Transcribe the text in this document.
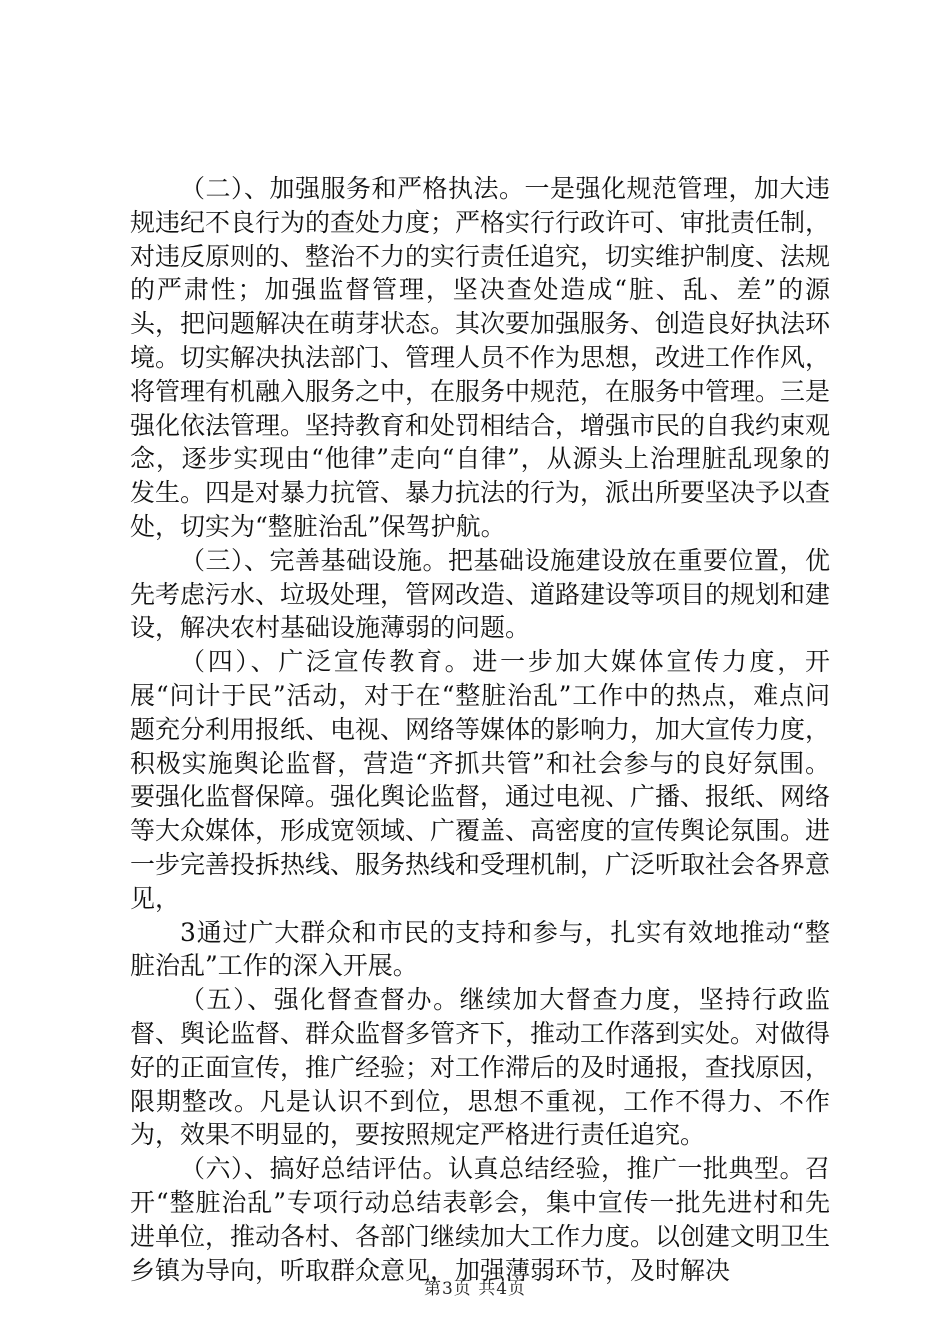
（二）、加强服务和严格执法。一是强化规范管理，加大违规违纪不良行为的查处力度；严格实行行政许可、审批责任制，对违反原则的、整治不力的实行责任追究，切实维护制度、法规的严肃性；加强监督管理，坚决查处造成“脏、乱、差”的源头，把问题解决在萌芽状态。其次要加强服务、创造良好执法环境。切实解决执法部门、管理人员不作为思想，改进工作作风，将管理有机融入服务之中，在服务中规范，在服务中管理。三是强化依法管理。坚持教育和处罚相结合，增强市民的自我约束观念，逐步实现由“他律”走向“自律”，从源头上治理脏乱现象的发生。四是对暴力抗管、暴力抗法的行为，派出所要坚决予以查处，切实为“整脏治乱”保驾护航。

（三）、完善基础设施。把基础设施建设放在重要位置，优先考虑污水、垃圾处理，管网改造、道路建设等项目的规划和建设，解决农村基础设施薄弱的问题。

（四）、广泛宣传教育。进一步加大媒体宣传力度，开展“问计于民”活动，对于在“整脏治乱”工作中的热点，难点问题充分利用报纸、电视、网络等媒体的影响力，加大宣传力度，积极实施舆论监督，营造“齐抓共管”和社会参与的良好氛围。要强化监督保障。强化舆论监督，通过电视、广播、报纸、网络等大众媒体，形成宽领域、广覆盖、高密度的宣传舆论氛围。进一步完善投拆热线、服务热线和受理机制，广泛听取社会各界意见，

3通过广大群众和市民的支持和参与，扎实有效地推动“整脏治乱”工作的深入开展。

（五）、强化督查督办。继续加大督查力度，坚持行政监督、舆论监督、群众监督多管齐下，推动工作落到实处。对做得好的正面宣传，推广经验；对工作滞后的及时通报，查找原因，限期整改。凡是认识不到位，思想不重视，工作不得力、不作为，效果不明显的，要按照规定严格进行责任追究。

（六）、搞好总结评估。认真总结经验，推广一批典型。召开“整脏治乱”专项行动总结表彰会，集中宣传一批先进村和先进单位，推动各村、各部门继续加大工作力度。以创建文明卫生乡镇为导向，听取群众意见，加强薄弱环节，及时解决

第3页 共4页
